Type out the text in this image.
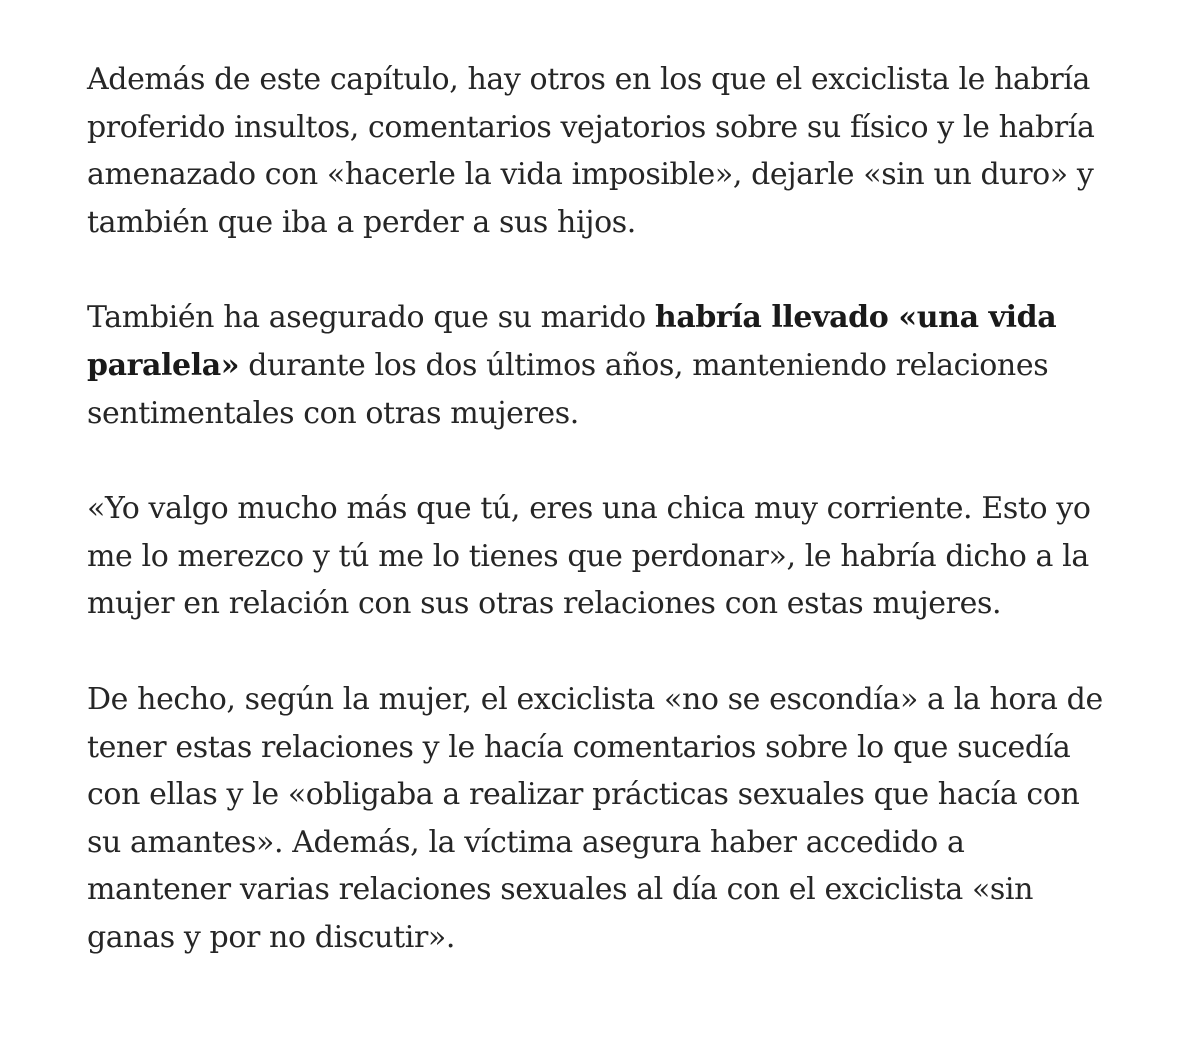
Además de este capítulo, hay otros en los que el exciclista le habría proferido insultos, comentarios vejatorios sobre su físico y le habría amenazado con «hacerle la vida imposible», dejarle «sin un duro» y también que iba a perder a sus hijos.

También ha asegurado que su marido habría llevado «una vida paralela» durante los dos últimos años, manteniendo relaciones sentimentales con otras mujeres.

«Yo valgo mucho más que tú, eres una chica muy corriente. Esto yo me lo merezco y tú me lo tienes que perdonar», le habría dicho a la mujer en relación con sus otras relaciones con estas mujeres.

De hecho, según la mujer, el exciclista «no se escondía» a la hora de tener estas relaciones y le hacía comentarios sobre lo que sucedía con ellas y le «obligaba a realizar prácticas sexuales que hacía con su amantes». Además, la víctima asegura haber accedido a mantener varias relaciones sexuales al día con el exciclista «sin ganas y por no discutir».
